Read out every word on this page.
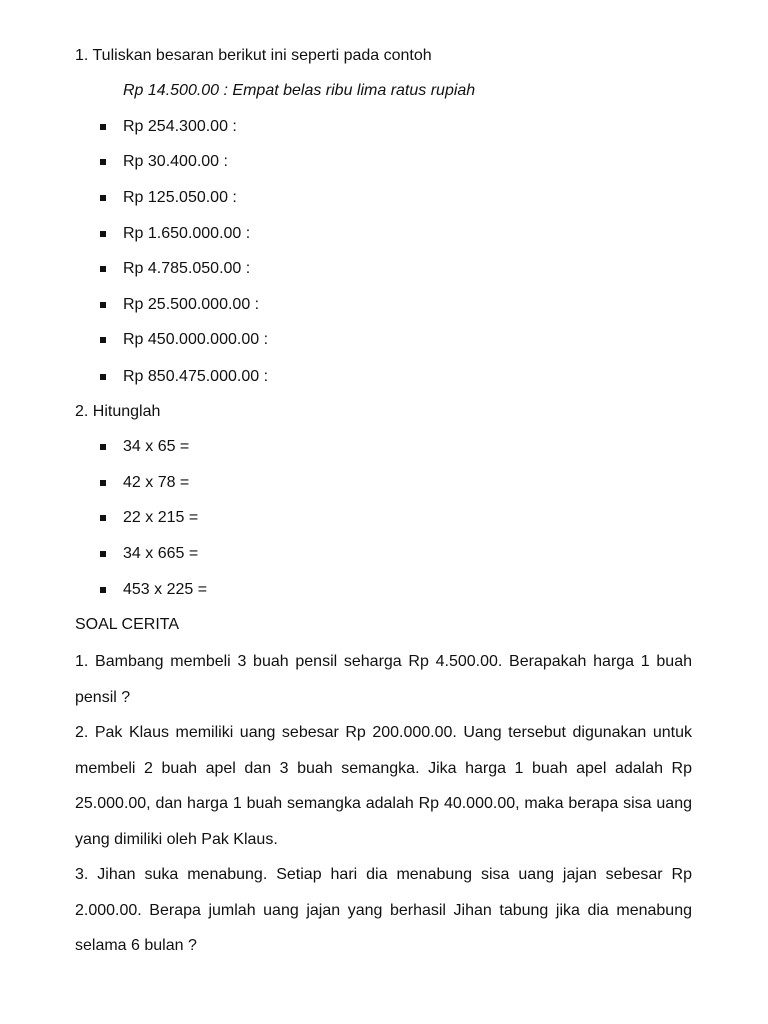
1. Tuliskan besaran berikut ini seperti pada contoh
Rp 14.500.00 : Empat belas ribu lima ratus rupiah
Rp 254.300.00 :
Rp 30.400.00 :
Rp 125.050.00 :
Rp 1.650.000.00 :
Rp 4.785.050.00 :
Rp 25.500.000.00 :
Rp 450.000.000.00 :
Rp 850.475.000.00 :
2. Hitunglah
34 x 65 =
42 x 78 =
22 x 215 =
34 x 665 =
453 x 225 =
SOAL CERITA
1. Bambang membeli 3 buah pensil seharga Rp 4.500.00. Berapakah harga 1 buah pensil ?
2. Pak Klaus memiliki uang sebesar Rp 200.000.00. Uang tersebut digunakan untuk membeli 2 buah apel dan 3 buah semangka. Jika harga 1 buah apel adalah Rp 25.000.00, dan harga 1 buah semangka adalah Rp 40.000.00, maka berapa sisa uang yang dimiliki oleh Pak Klaus.
3. Jihan suka menabung. Setiap hari dia menabung sisa uang jajan sebesar Rp 2.000.00. Berapa jumlah uang jajan yang berhasil Jihan tabung jika dia menabung selama 6 bulan ?
